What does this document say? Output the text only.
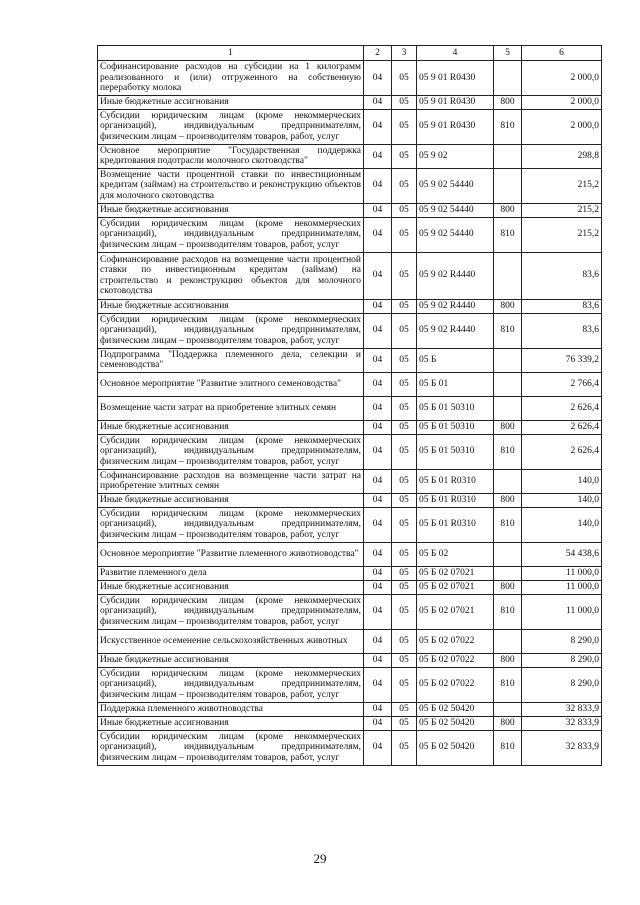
1	2	3	4	5	6
Софинансирование расходов на субсидии на 1 килограмм реализованного и (или) отгруженного на собственную переработку молока	04	05	05 9 01 R0430		2 000,0
Иные бюджетные ассигнования	04	05	05 9 01 R0430	800	2 000,0
Субсидии юридическим лицам (кроме некоммерческих организаций), индивидуальным предпринимателям, физическим лицам – производителям товаров, работ, услуг	04	05	05 9 01 R0430	810	2 000,0
Основное мероприятие "Государственная поддержка кредитования подотрасли молочного скотоводства"	04	05	05 9 02		298,8
Возмещение части процентной ставки по инвестиционным кредитам (займам) на строительство и реконструкцию объектов для молочного скотоводства	04	05	05 9 02 54440		215,2
Иные бюджетные ассигнования	04	05	05 9 02 54440	800	215,2
Субсидии юридическим лицам (кроме некоммерческих организаций), индивидуальным предпринимателям, физическим лицам – производителям товаров, работ, услуг	04	05	05 9 02 54440	810	215,2
Софинансирование расходов на возмещение части процентной ставки по инвестиционным кредитам (займам) на строительство и реконструкцию объектов для молочного скотоводства	04	05	05 9 02 R4440		83,6
Иные бюджетные ассигнования	04	05	05 9 02 R4440	800	83,6
Субсидии юридическим лицам (кроме некоммерческих организаций), индивидуальным предпринимателям, физическим лицам – производителям товаров, работ, услуг	04	05	05 9 02 R4440	810	83,6
Подпрограмма "Поддержка племенного дела, селекции и семеноводства"	04	05	05 Б		76 339,2
Основное мероприятие "Развитие элитного семеноводства"	04	05	05 Б 01		2 766,4
Возмещение части затрат на приобретение элитных семян	04	05	05 Б 01 50310		2 626,4
Иные бюджетные ассигнования	04	05	05 Б 01 50310	800	2 626,4
Субсидии юридическим лицам (кроме некоммерческих организаций), индивидуальным предпринимателям, физическим лицам – производителям товаров, работ, услуг	04	05	05 Б 01 50310	810	2 626,4
Софинансирование расходов на возмещение части затрат на приобретение элитных семян	04	05	05 Б 01 R0310		140,0
Иные бюджетные ассигнования	04	05	05 Б 01 R0310	800	140,0
Субсидии юридическим лицам (кроме некоммерческих организаций), индивидуальным предпринимателям, физическим лицам – производителям товаров, работ, услуг	04	05	05 Б 01 R0310	810	140,0
Основное мероприятие "Развитие племенного животноводства"	04	05	05 Б 02		54 438,6
Развитие племенного дела	04	05	05 Б 02 07021		11 000,0
Иные бюджетные ассигнования	04	05	05 Б 02 07021	800	11 000,0
Субсидии юридическим лицам (кроме некоммерческих организаций), индивидуальным предпринимателям, физическим лицам – производителям товаров, работ, услуг	04	05	05 Б 02 07021	810	11 000,0
Искусственное осеменение сельскохозяйственных животных	04	05	05 Б 02 07022		8 290,0
Иные бюджетные ассигнования	04	05	05 Б 02 07022	800	8 290,0
Субсидии юридическим лицам (кроме некоммерческих организаций), индивидуальным предпринимателям, физическим лицам – производителям товаров, работ, услуг	04	05	05 Б 02 07022	810	8 290,0
Поддержка племенного животноводства	04	05	05 Б 02 50420		32 833,9
Иные бюджетные ассигнования	04	05	05 Б 02 50420	800	32 833,9
Субсидии юридическим лицам (кроме некоммерческих организаций), индивидуальным предпринимателям, физическим лицам – производителям товаров, работ, услуг	04	05	05 Б 02 50420	810	32 833,9
29
